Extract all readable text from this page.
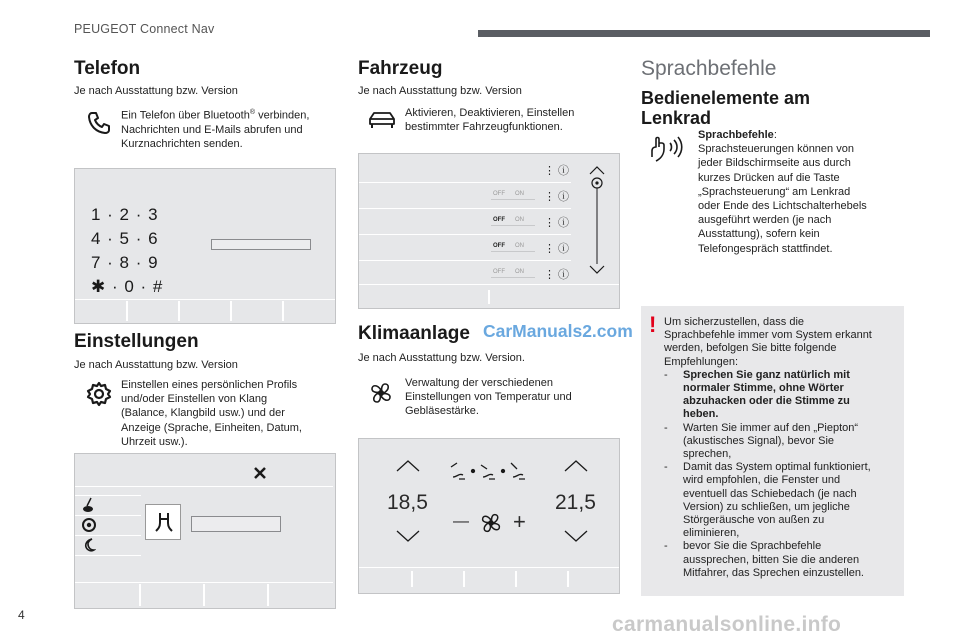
PEUGEOT Connect Nav
Telefon
Je nach Ausstattung bzw. Version
Ein Telefon über Bluetooth® verbinden,
Nachrichten und E-Mails abrufen und
Kurznachrichten senden.
1 · 2 · 3
4 · 5 · 6
7 · 8 · 9
✱ · 0 · #
Einstellungen
Je nach Ausstattung bzw. Version
Einstellen eines persönlichen Profils
und/oder Einstellen von Klang
(Balance, Klangbild usw.) und der
Anzeige (Sprache, Einheiten, Datum,
Uhrzeit usw.).
Fahrzeug
Je nach Ausstattung bzw. Version
Aktivieren, Deaktivieren, Einstellen
bestimmter Fahrzeugfunktionen.
OFF ON
OFF ON
OFF ON
OFF ON
⋮ ⓘ
⋮ ⓘ
⋮ ⓘ
⋮ ⓘ
⋮ ⓘ
Klimaanlage CarManuals2.com
Je nach Ausstattung bzw. Version.
Verwaltung der verschiedenen
Einstellungen von Temperatur und
Gebläsestärke.
18,5
— +
21,5
Sprachbefehle
Bedienelemente am
Lenkrad
Sprachbefehle:
Sprachsteuerungen können von
jeder Bildschirmseite aus durch
kurzes Drücken auf die Taste
„Sprachsteuerung“ am Lenkrad
oder Ende des Lichtschalterhebels
ausgeführt werden (je nach
Ausstattung), sofern kein
Telefongespräch stattfindet.
! Um sicherzustellen, dass die
Sprachbefehle immer vom System erkannt
werden, befolgen Sie bitte folgende
Empfehlungen:
-	Sprechen Sie ganz natürlich mit
normaler Stimme, ohne Wörter
abzuhacken oder die Stimme zu
heben.
-	Warten Sie immer auf den „Piepton“
(akustisches Signal), bevor Sie
sprechen,
-	Damit das System optimal funktioniert,
wird empfohlen, die Fenster und
eventuell das Schiebedach (je nach
Version) zu schließen, um jegliche
Störgeräusche von außen zu
eliminieren,
-	bevor Sie die Sprachbefehle
aussprechen, bitten Sie die anderen
Mitfahrer, das Sprechen einzustellen.
4	carmanualsonline.info
